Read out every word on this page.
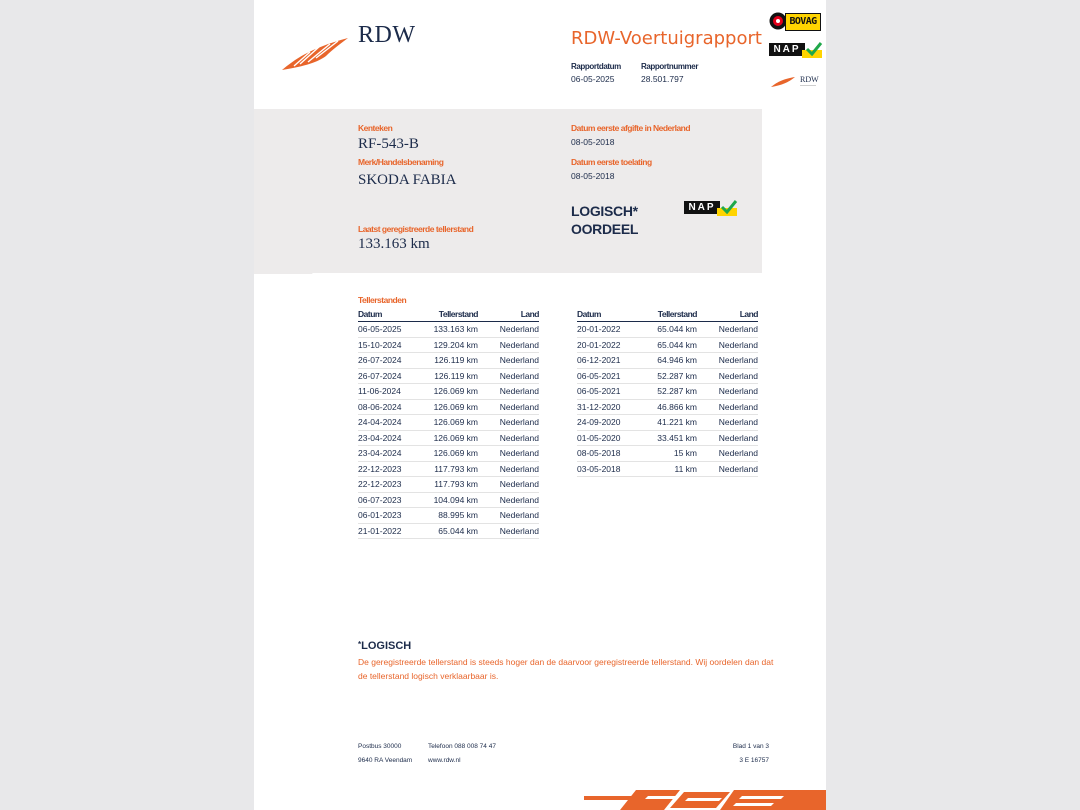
RDW	RDW-Voertuigrapport
Rapportdatum
06-05-2025
Rapportnummer
28.501.797
BOVAG
NAP
RDW
Kenteken
RF-543-B
Merk/Handelsbenaming
SKODA FABIA
Datum eerste afgifte in Nederland
08-05-2018
Datum eerste toelating
08-05-2018
LOGISCH*
OORDEEL
NAP
Laatst geregistreerde tellerstand
133.163 km
Tellerstanden
Datum	Tellerstand	Land
06-05-2025	133.163 km	Nederland
15-10-2024	129.204 km	Nederland
26-07-2024	126.119 km	Nederland
26-07-2024	126.119 km	Nederland
11-06-2024	126.069 km	Nederland
08-06-2024	126.069 km	Nederland
24-04-2024	126.069 km	Nederland
23-04-2024	126.069 km	Nederland
23-04-2024	126.069 km	Nederland
22-12-2023	117.793 km	Nederland
22-12-2023	117.793 km	Nederland
06-07-2023	104.094 km	Nederland
06-01-2023	88.995 km	Nederland
21-01-2022	65.044 km	Nederland
Datum	Tellerstand	Land
20-01-2022	65.044 km	Nederland
20-01-2022	65.044 km	Nederland
06-12-2021	64.946 km	Nederland
06-05-2021	52.287 km	Nederland
06-05-2021	52.287 km	Nederland
31-12-2020	46.866 km	Nederland
24-09-2020	41.221 km	Nederland
01-05-2020	33.451 km	Nederland
08-05-2018	15 km	Nederland
03-05-2018	11 km	Nederland
*LOGISCH
De geregistreerde tellerstand is steeds hoger dan de daarvoor geregistreerde tellerstand. Wij oordelen dan dat de tellerstand logisch verklaarbaar is.
Postbus 30000
9640 RA Veendam
Telefoon 088 008 74 47
www.rdw.nl
Blad 1 van 3
3 E 16757
